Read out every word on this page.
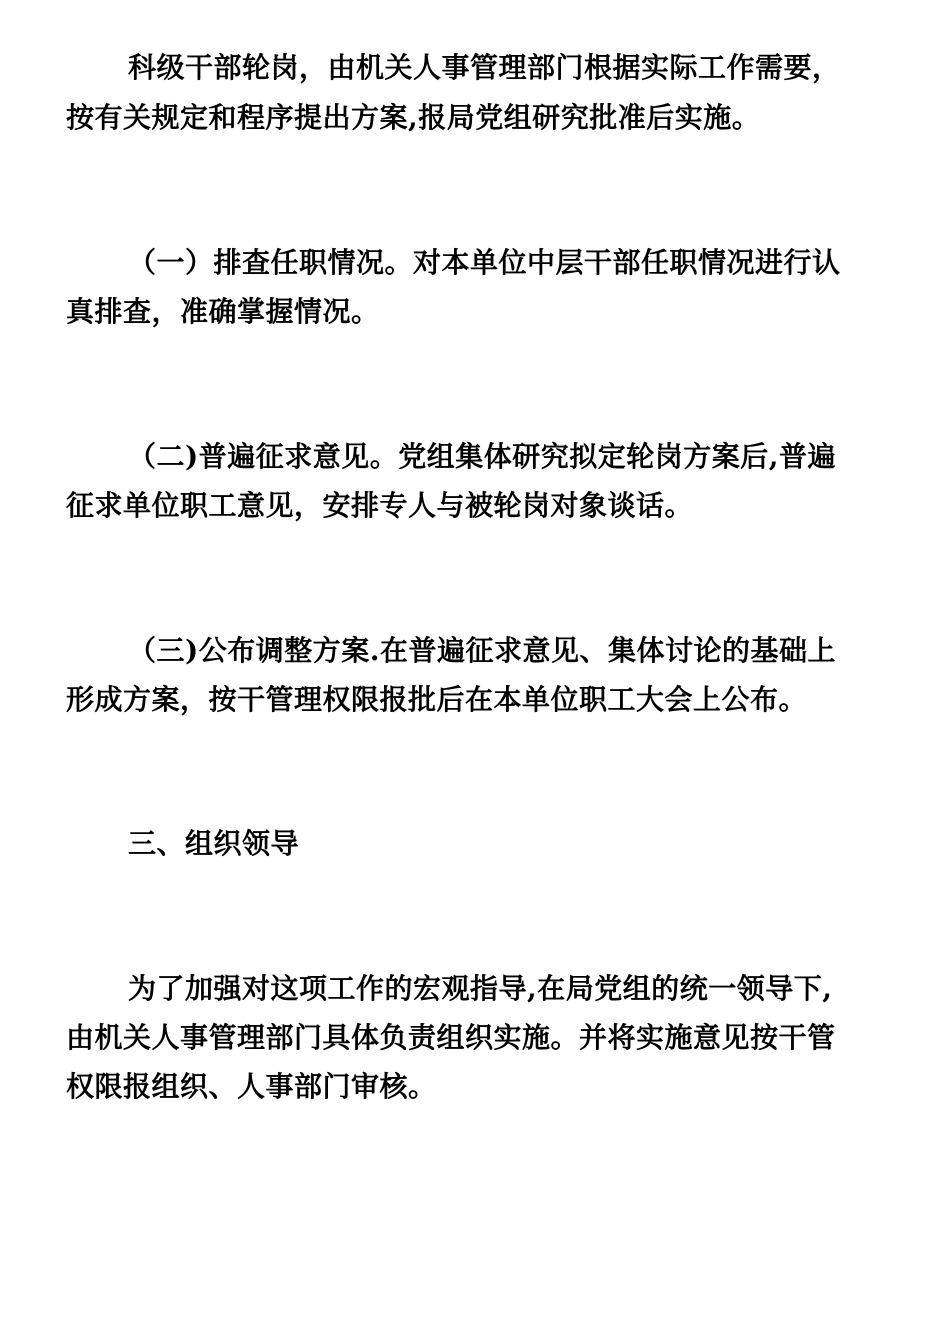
科级干部轮岗，由机关人事管理部门根据实际工作需要，
按有关规定和程序提出方案,报局党组研究批准后实施。
（一）排查任职情况。对本单位中层干部任职情况进行认
真排查，准确掌握情况。
（二)普遍征求意见。党组集体研究拟定轮岗方案后,普遍
征求单位职工意见，安排专人与被轮岗对象谈话。
（三)公布调整方案.在普遍征求意见、集体讨论的基础上
形成方案，按干管理权限报批后在本单位职工大会上公布。
三、组织领导
为了加强对这项工作的宏观指导,在局党组的统一领导下,
由机关人事管理部门具体负责组织实施。并将实施意见按干管
权限报组织、人事部门审核。
